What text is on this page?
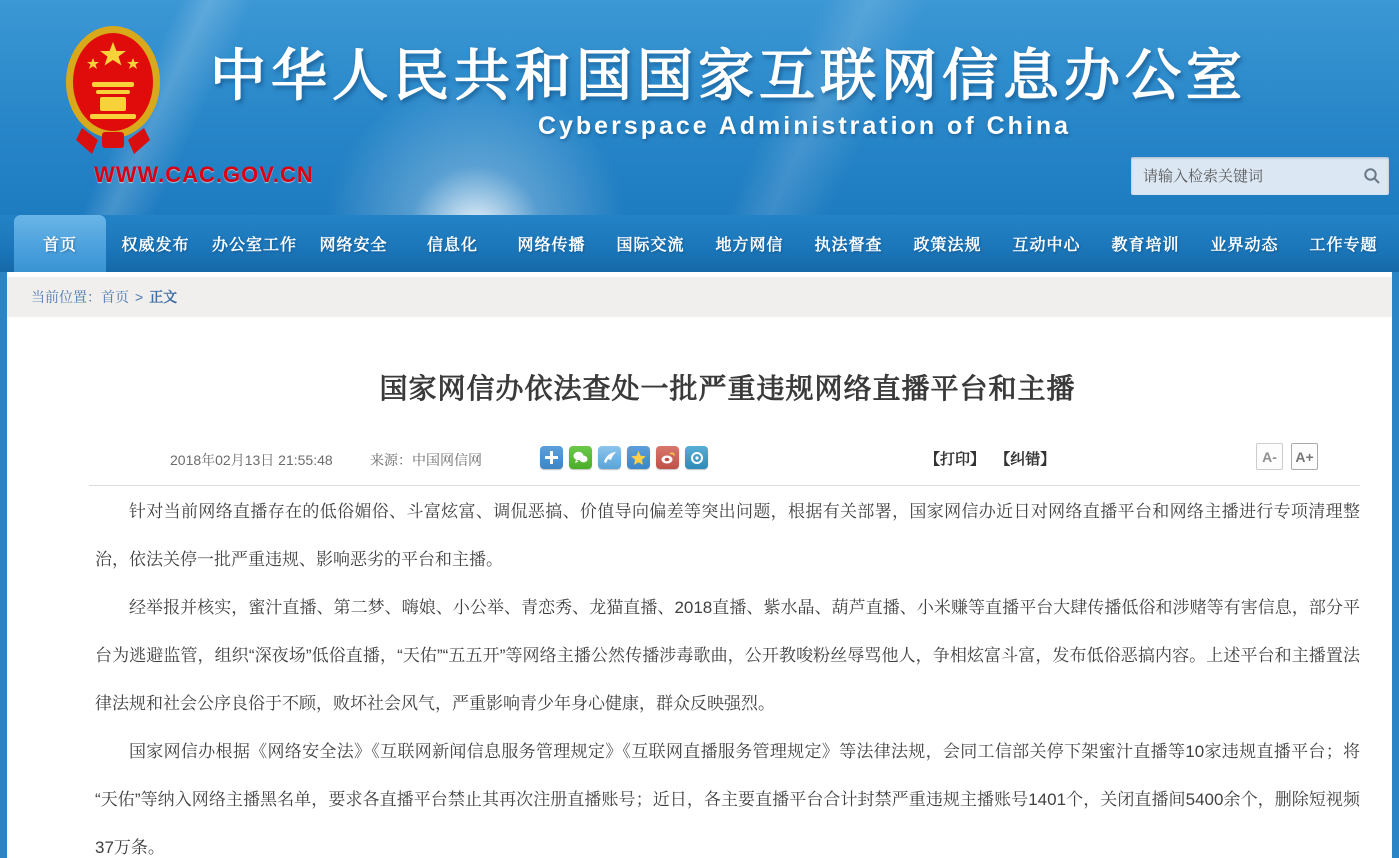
中华人民共和国国家互联网信息办公室
Cyberspace Administration of China
WWW.CAC.GOV.CN
请输入检索关键词
首页	权威发布	办公室工作	网络安全	信息化	网络传播	国际交流	地方网信	执法督查	政策法规	互动中心	教育培训	业界动态	工作专题
当前位置： 首页 > 正文
国家网信办依法查处一批严重违规网络直播平台和主播
2018年02月13日 21:55:48	来源：中国网信网	【打印】 【纠错】	A-	A+

针对当前网络直播存在的低俗媚俗、斗富炫富、调侃恶搞、价值导向偏差等突出问题，根据有关部署，国家网信办近日对网络直播平台和网络主播进行专项清理整治，依法关停一批严重违规、影响恶劣的平台和主播。

经举报并核实，蜜汁直播、第二梦、嗨娘、小公举、青恋秀、龙猫直播、2018直播、紫水晶、葫芦直播、小米赚等直播平台大肆传播低俗和涉赌等有害信息，部分平台为逃避监管，组织“深夜场”低俗直播，“天佑”“五五开”等网络主播公然传播涉毒歌曲，公开教唆粉丝辱骂他人，争相炫富斗富，发布低俗恶搞内容。上述平台和主播置法律法规和社会公序良俗于不顾，败坏社会风气，严重影响青少年身心健康，群众反映强烈。

国家网信办根据《网络安全法》《互联网新闻信息服务管理规定》《互联网直播服务管理规定》等法律法规，会同工信部关停下架蜜汁直播等10家违规直播平台；将“天佑”等纳入网络主播黑名单，要求各直播平台禁止其再次注册直播账号；近日，各主要直播平台合计封禁严重违规主播账号1401个，关闭直播间5400余个，删除短视频37万条。
